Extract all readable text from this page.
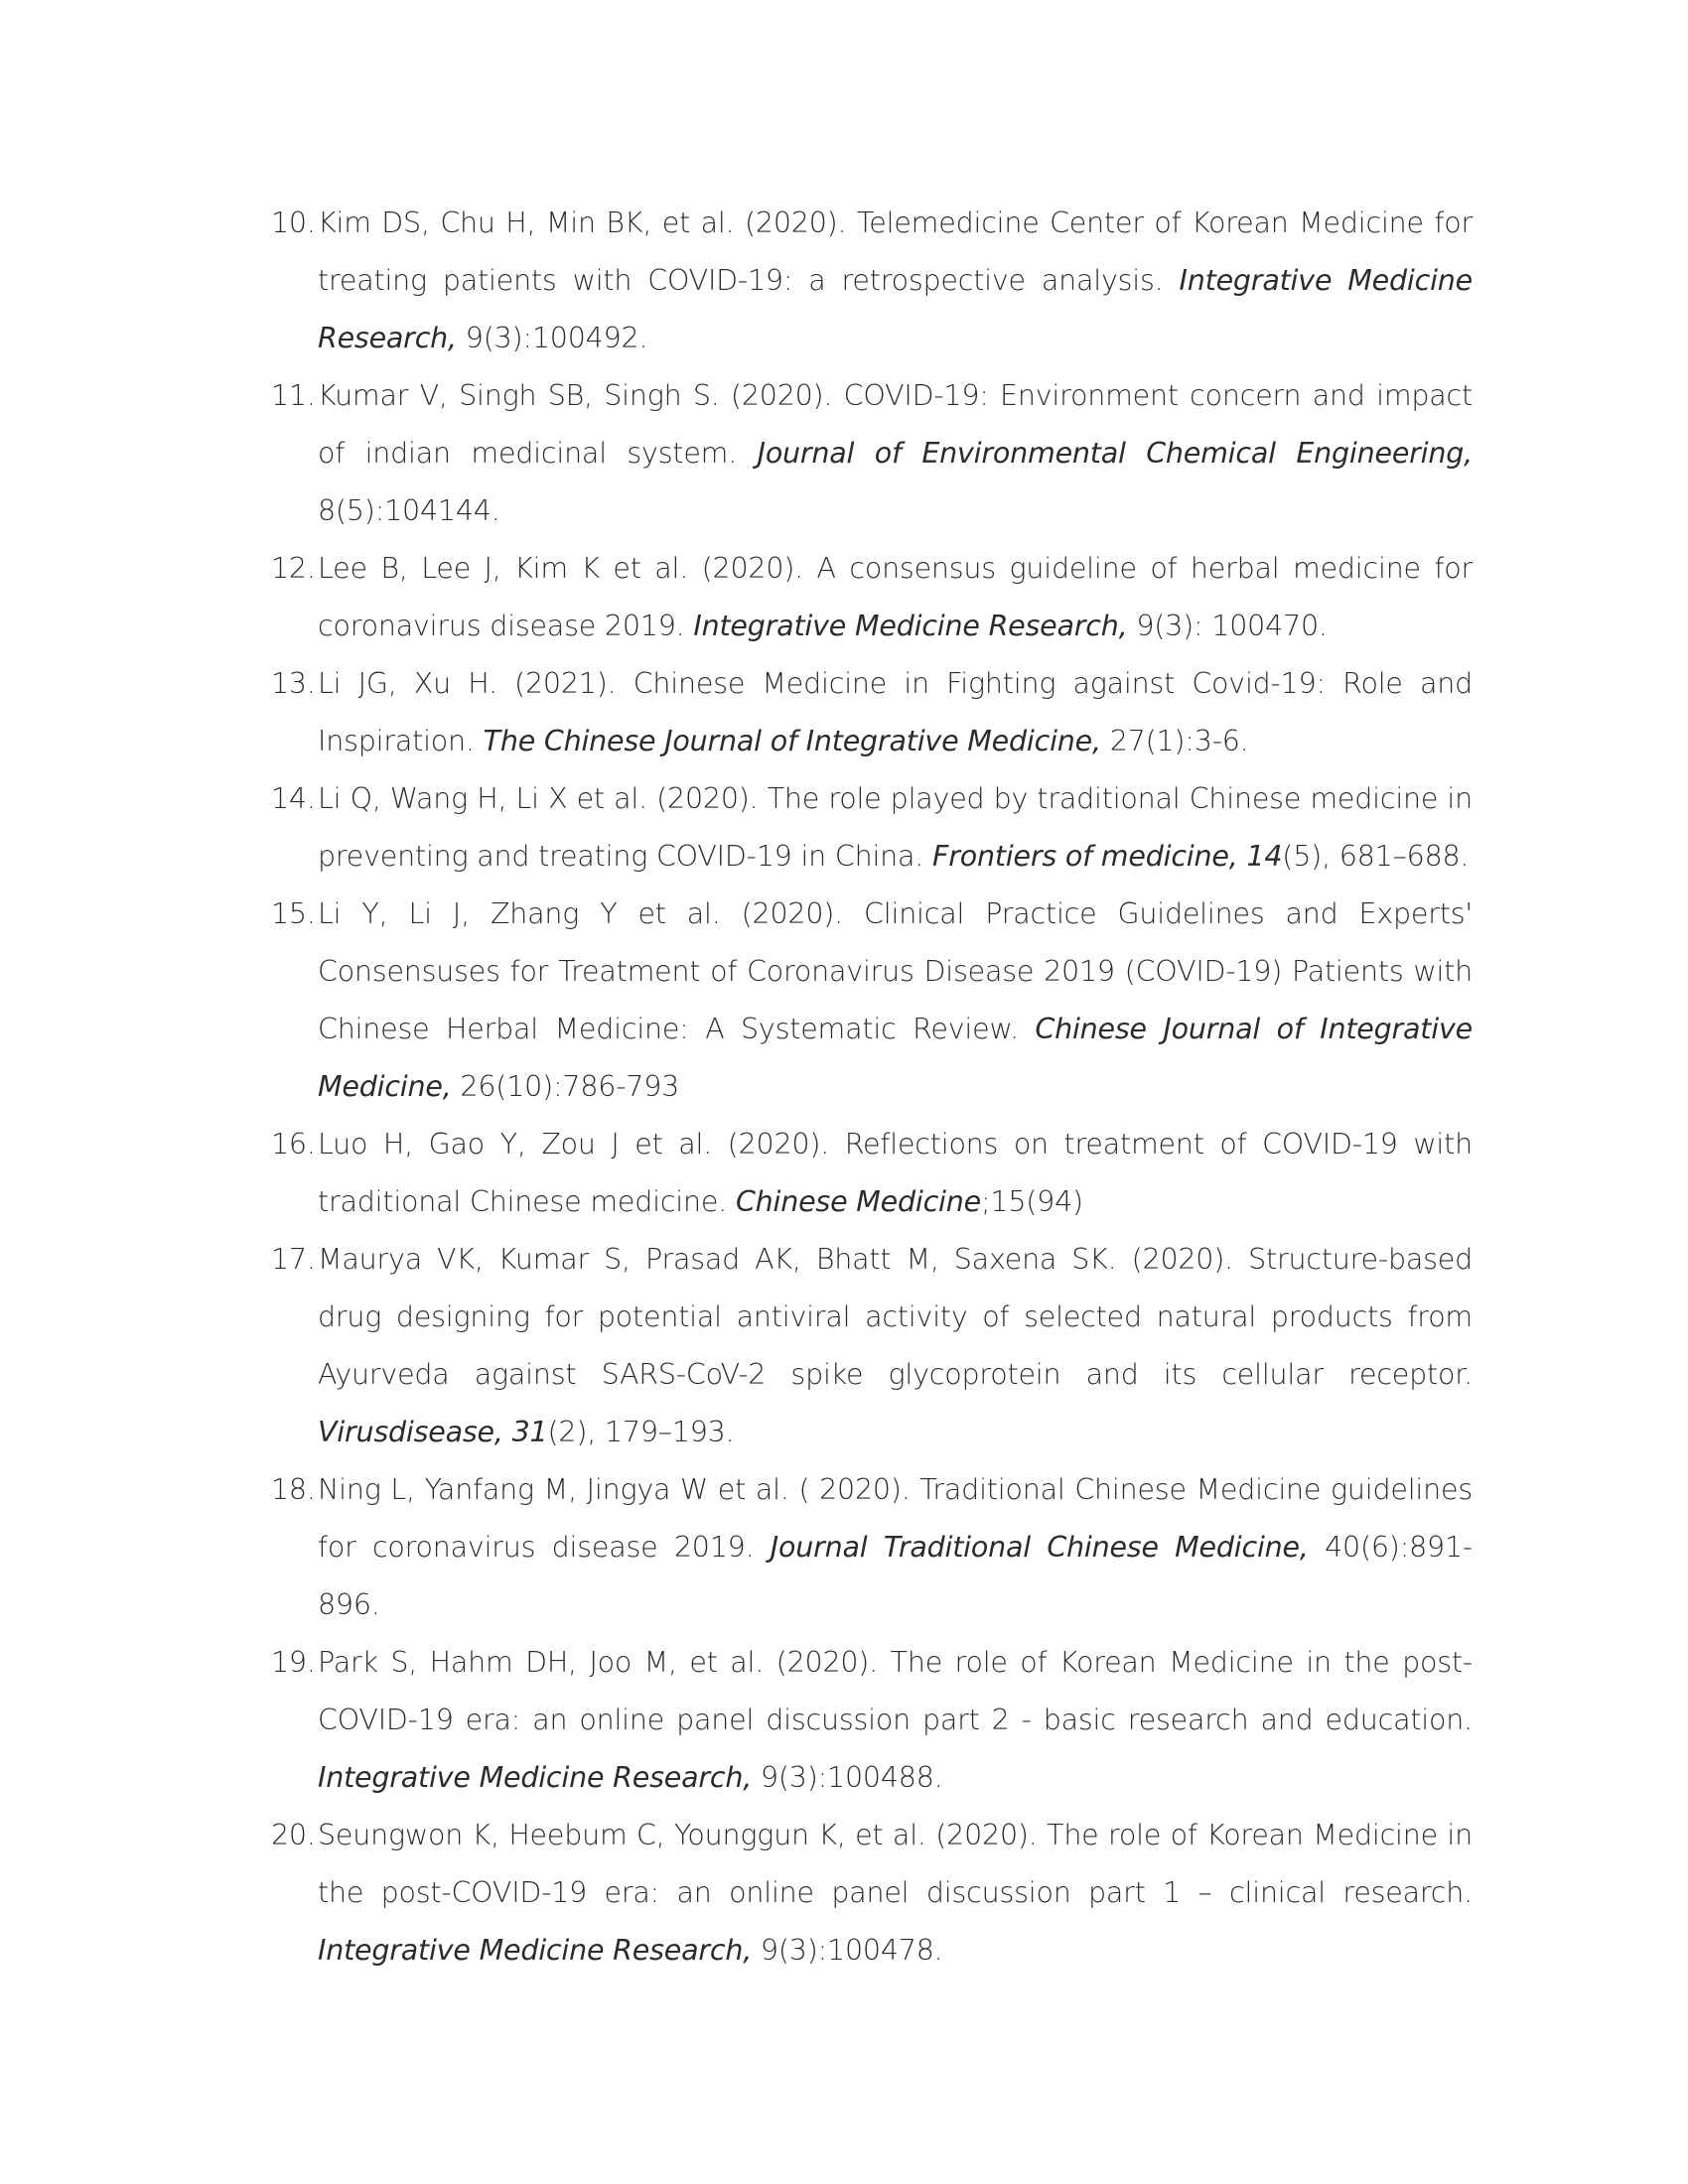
10. Kim DS, Chu H, Min BK, et al. (2020). Telemedicine Center of Korean Medicine for treating patients with COVID-19: a retrospective analysis. Integrative Medicine Research, 9(3):100492.
11. Kumar V, Singh SB, Singh S. (2020). COVID-19: Environment concern and impact of indian medicinal system. Journal of Environmental Chemical Engineering, 8(5):104144.
12. Lee B, Lee J, Kim K et al. (2020). A consensus guideline of herbal medicine for coronavirus disease 2019. Integrative Medicine Research, 9(3): 100470.
13. Li JG, Xu H. (2021). Chinese Medicine in Fighting against Covid-19: Role and Inspiration. The Chinese Journal of Integrative Medicine, 27(1):3-6.
14. Li Q, Wang H, Li X et al. (2020). The role played by traditional Chinese medicine in preventing and treating COVID-19 in China. Frontiers of medicine, 14(5), 681–688.
15. Li Y, Li J, Zhang Y et al. (2020). Clinical Practice Guidelines and Experts' Consensuses for Treatment of Coronavirus Disease 2019 (COVID-19) Patients with Chinese Herbal Medicine: A Systematic Review. Chinese Journal of Integrative Medicine, 26(10):786-793
16. Luo H, Gao Y, Zou J et al. (2020). Reflections on treatment of COVID-19 with traditional Chinese medicine. Chinese Medicine;15(94)
17. Maurya VK, Kumar S, Prasad AK, Bhatt M, Saxena SK. (2020). Structure-based drug designing for potential antiviral activity of selected natural products from Ayurveda against SARS-CoV-2 spike glycoprotein and its cellular receptor. Virusdisease, 31(2), 179–193.
18. Ning L, Yanfang M, Jingya W et al. ( 2020). Traditional Chinese Medicine guidelines for coronavirus disease 2019. Journal Traditional Chinese Medicine, 40(6):891-896.
19. Park S, Hahm DH, Joo M, et al. (2020). The role of Korean Medicine in the post-COVID-19 era: an online panel discussion part 2 - basic research and education. Integrative Medicine Research, 9(3):100488.
20. Seungwon K, Heebum C, Younggun K, et al. (2020). The role of Korean Medicine in the post-COVID-19 era: an online panel discussion part 1 – clinical research. Integrative Medicine Research, 9(3):100478.
